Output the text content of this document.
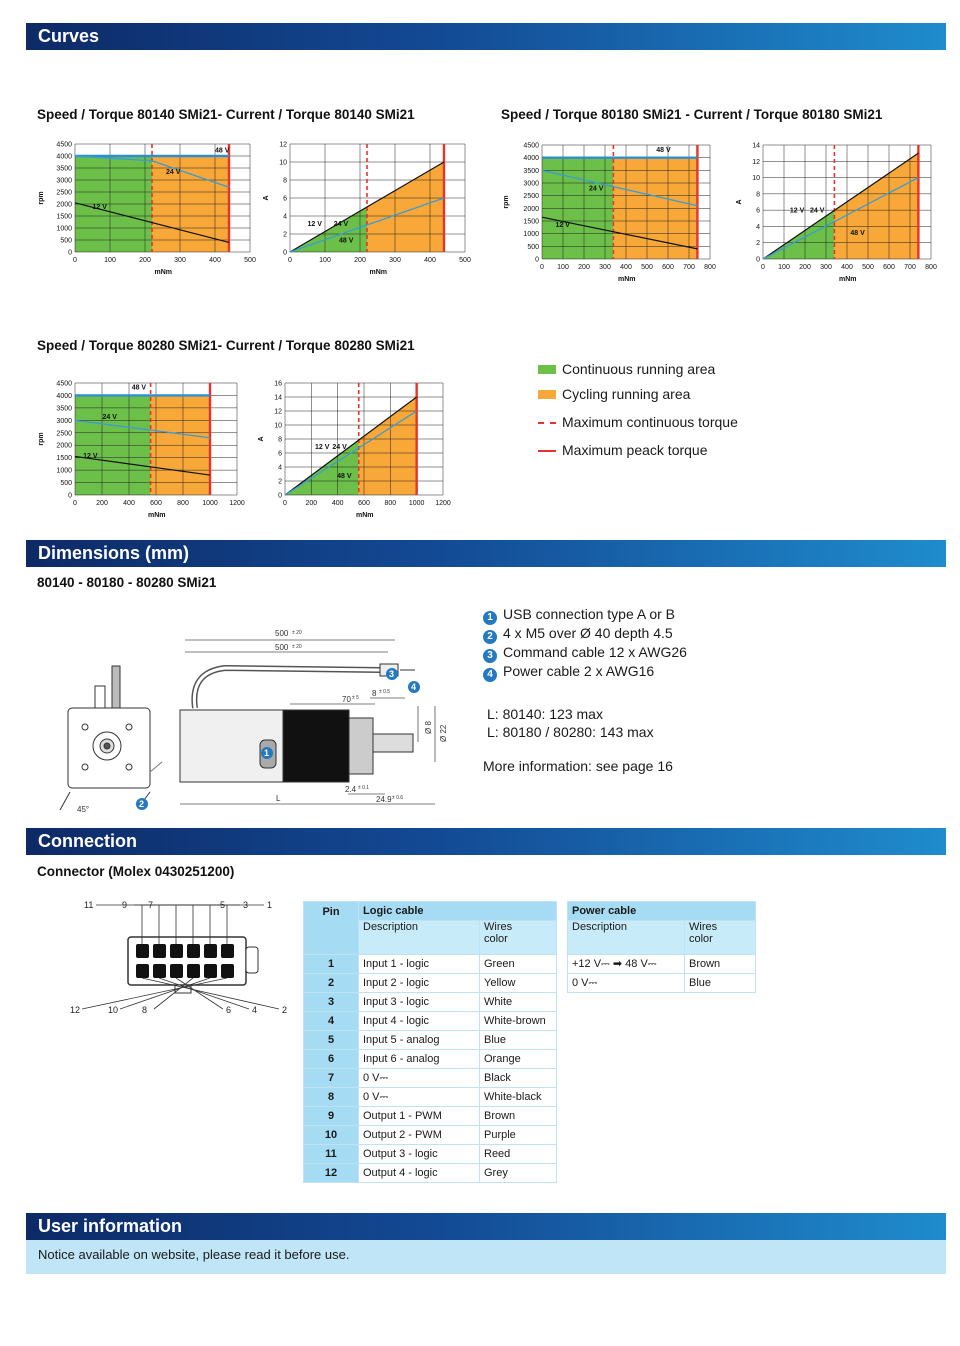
Curves
Dimensions (mm)
Connection
User information
Speed / Torque 80140 SMi21- Current / Torque 80140 SMi21	Speed / Torque 80180 SMi21 - Current / Torque 80180 SMi21
Speed / Torque 80280 SMi21- Current / Torque 80280 SMi21
0	100	200	300	400	500
0
500
1000
1500
2000
2500
3000
3500
4000
4500
48 V
24 V
12 V
mNm
rpm
0	100	200	300	400	500
0
2
4
6
8
10
12
12 V 24 V
48 V
mNm
A
0 100 200 300 400 500 600 700 800
0
500
1000
1500
2000
2500
3000
3500
4000
4500
48 V
24 V
12 V
mNm
rpm
0 100 200 300 400 500 600 700 800
0
2
4
6
8
10
12
14
12 V 24 V
48 V
mNm
A
0	200 400 600 800 1000 1200
0
500
1000
1500
2000
2500
3000
3500
4000
4500
48 V
24 V
12 V
mNm
rpm
0	200 400 600 800 1000 1200
0
2
4
6
8
10
12
14
16
12 V 24 V
48 V
mNm
A
Continuous running area
Cycling running area
Maximum continuous torque
Maximum peack torque
80140 - 80180 - 80280 SMi21
500
500
± 20
± 20
70 ± 5 8 ± 0.5
L
2.4 ± 0.1
24.9 ± 0.6
45°
Ø 8 Ø 22
1
2
3
4
1 USB connection type A or B
2 4 x M5 over Ø 40 depth 4.5
3 Command cable 12 x AWG26
4 Power cable 2 x AWG16
L: 80140: 123 max
L: 80180 / 80280: 143 max
More information: see page 16
Connector (Molex 0430251200)
11	9 7	5 3 1
12	10	8	6 4	2
Pin	Logic cable	
	Description	Wires
color
1	Input 1 - logic	Green
2	Input 2 - logic	Yellow
3	Input 3 - logic	White
4	Input 4 - logic	White-brown
5	Input 5 - analog	Blue
6	Input 6 - analog	Orange
7	0 V⎓	Black
8	0 V⎓	White-black
9	Output 1 - PWM	Brown
10	Output 2 - PWM	Purple
11	Output 3 - logic	Reed
12	Output 4 - logic	Grey
Power cable	
Description	Wires
color
+12 V⎓ ➡ 48 V⎓	Brown
0 V⎓	Blue
Notice available on website, please read it before use.
